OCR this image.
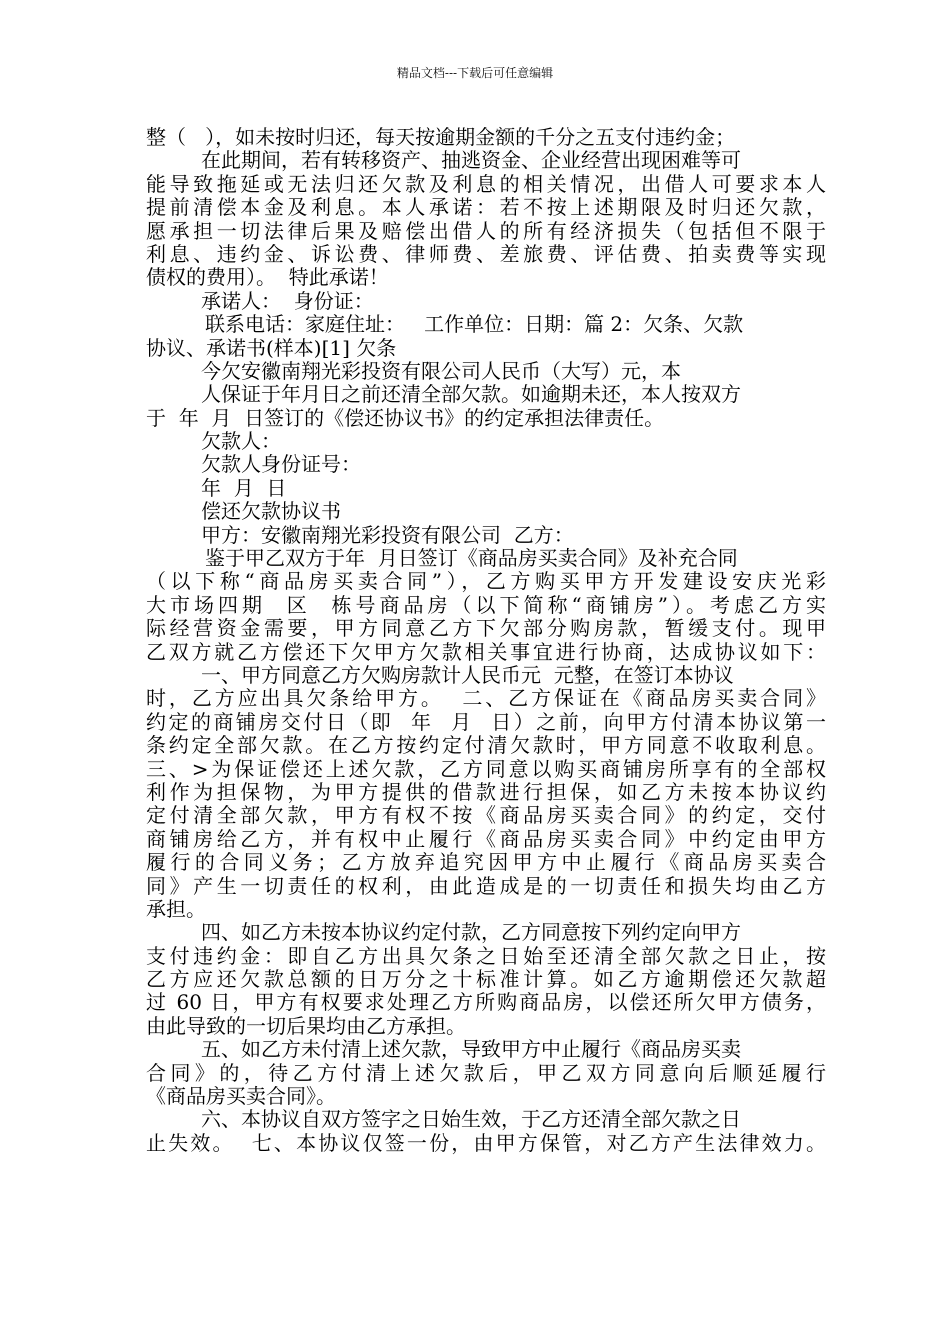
精品文档---下载后可任意编辑
整（   ），如未按时归还，每天按逾期金额的千分之五支付违约金；
在此期间，若有转移资产、抽逃资金、企业经营出现困难等可
能导致拖延或无法归还欠款及利息的相关情况，出借人可要求本人
提前清偿本金及利息。本人承诺：若不按上述期限及时归还欠款，
愿承担一切法律后果及赔偿出借人的所有经济损失（包括但不限于
利息、违约金、诉讼费、律师费、差旅费、评估费、拍卖费等实现
债权的费用）。  特此承诺！
承诺人：  身份证：
联系电话：家庭住址：   工作单位：日期：篇 2：欠条、欠款
协议、承诺书(样本)[1] 欠条
今欠安徽南翔光彩投资有限公司人民币（大写）元，本
人保证于年月日之前还清全部欠款。如逾期未还，本人按双方
于  年  月  日签订的《偿还协议书》的约定承担法律责任。
欠款人：
欠款人身份证号：
年  月  日
偿还欠款协议书
甲方：安徽南翔光彩投资有限公司  乙方：
鉴于甲乙双方于年  月日签订《商品房买卖合同》及补充合同
（以下称“商品房买卖合同”），乙方购买甲方开发建设安庆光彩
大市场四期  区  栋号商品房（以下简称“商铺房”）。考虑乙方实
际经营资金需要，甲方同意乙方下欠部分购房款，暂缓支付。现甲
乙双方就乙方偿还下欠甲方欠款相关事宜进行协商，达成协议如下：
一、甲方同意乙方欠购房款计人民币元  元整，在签订本协议
时，乙方应出具欠条给甲方。  二、乙方保证在《商品房买卖合同》
约定的商铺房交付日（即  年  月  日）之前，向甲方付清本协议第一
条约定全部欠款。在乙方按约定付清欠款时，甲方同意不收取利息。
三、>为保证偿还上述欠款，乙方同意以购买商铺房所享有的全部权
利作为担保物，为甲方提供的借款进行担保，如乙方未按本协议约
定付清全部欠款，甲方有权不按《商品房买卖合同》的约定，交付
商铺房给乙方，并有权中止履行《商品房买卖合同》中约定由甲方
履行的合同义务；乙方放弃追究因甲方中止履行《商品房买卖合
同》产生一切责任的权利，由此造成是的一切责任和损失均由乙方
承担。
四、如乙方未按本协议约定付款，乙方同意按下列约定向甲方
支付违约金：即自乙方出具欠条之日始至还清全部欠款之日止，按
乙方应还欠款总额的日万分之十标准计算。如乙方逾期偿还欠款超
过 60 日，甲方有权要求处理乙方所购商品房，以偿还所欠甲方债务，
由此导致的一切后果均由乙方承担。
五、如乙方未付清上述欠款，导致甲方中止履行《商品房买卖
合同》的，待乙方付清上述欠款后，甲乙双方同意向后顺延履行
《商品房买卖合同》。
六、本协议自双方签字之日始生效，于乙方还清全部欠款之日
止失效。  七、本协议仅签一份，由甲方保管，对乙方产生法律效力。
